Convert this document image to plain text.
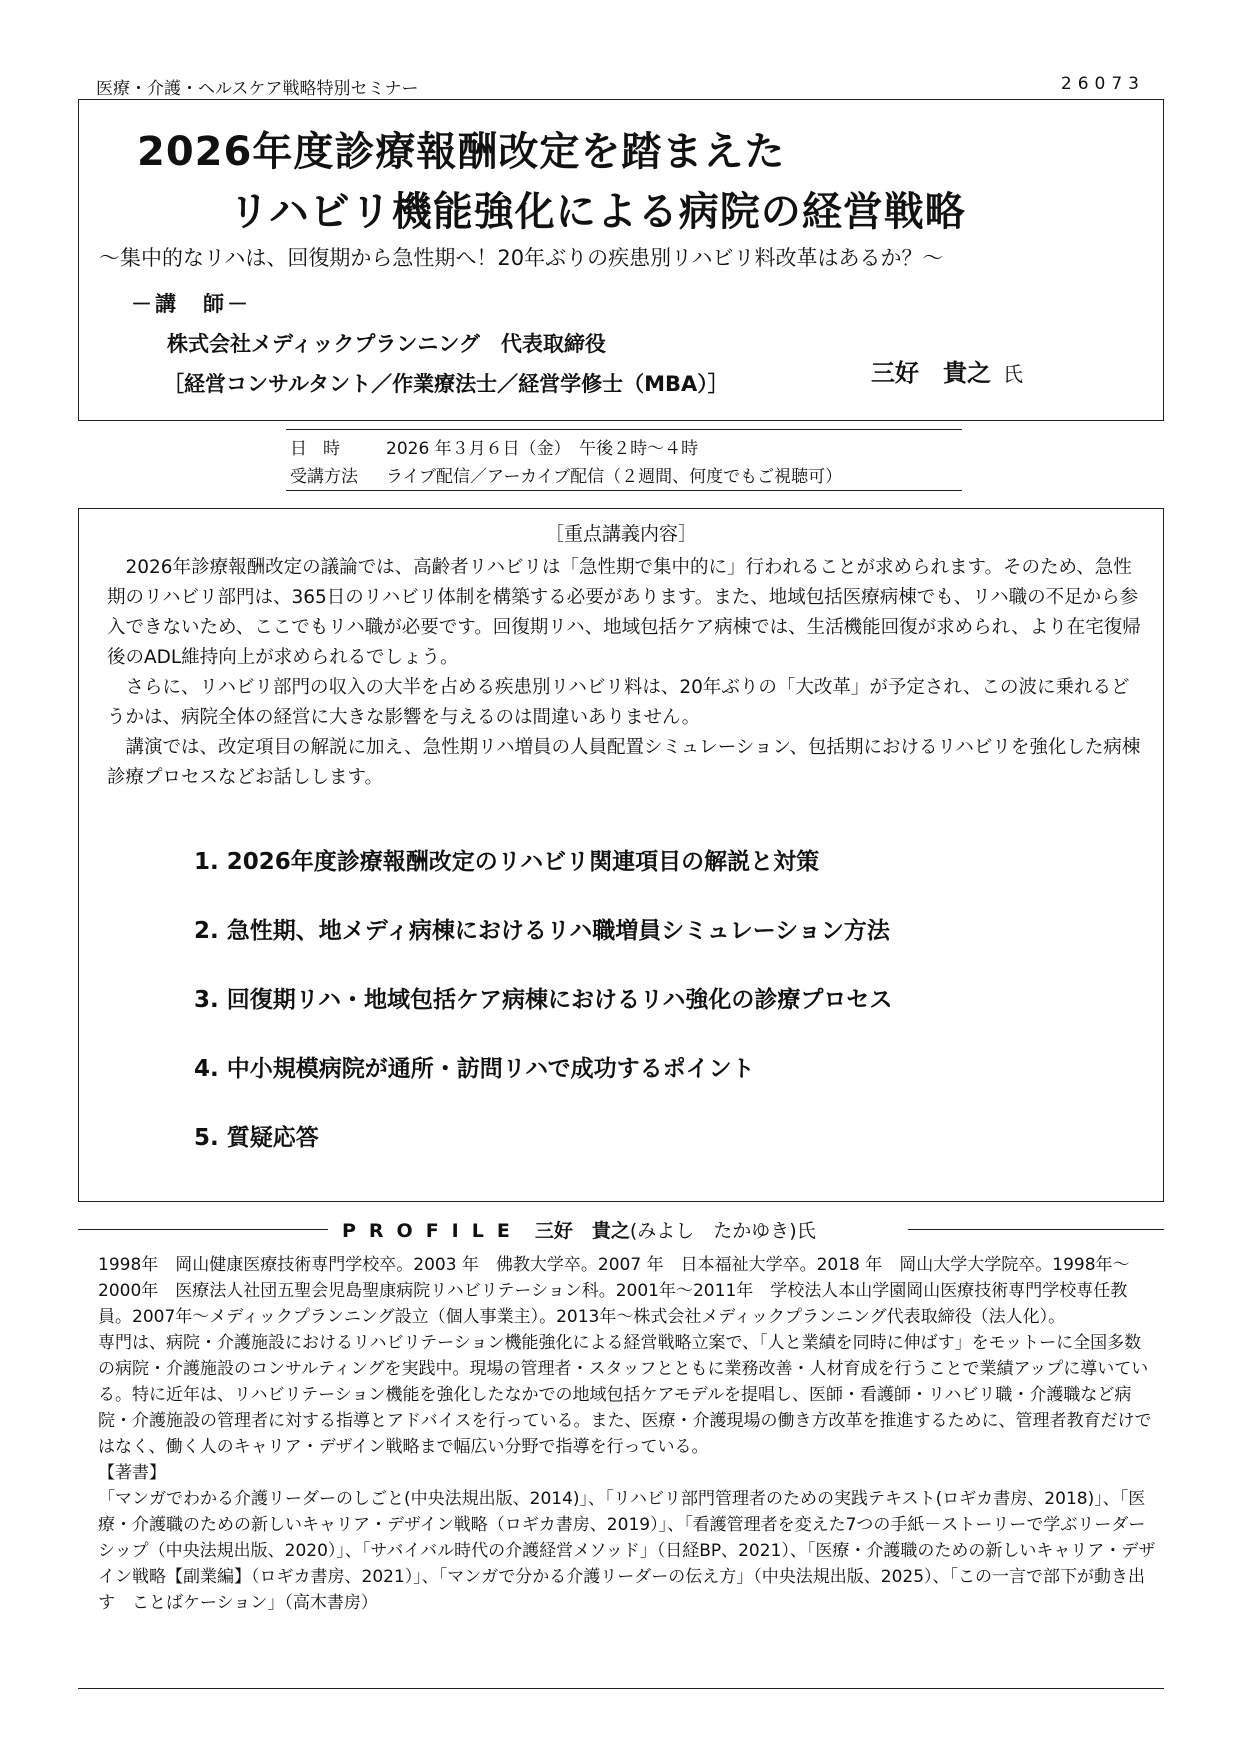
医療・介護・ヘルスケア戦略特別セミナー	26073
2026年度診療報酬改定を踏まえた
リハビリ機能強化による病院の経営戦略
～集中的なリハは、回復期から急性期へ！20年ぶりの疾患別リハビリ料改革はあるか？～
－講　師－
株式会社メディックプランニング　代表取締役
［経営コンサルタント／作業療法士／経営学修士（MBA）］	三好　貴之 氏
日時	2026 年３月６日（金）　午後２時～４時
受講方法	ライブ配信／アーカイブ配信（２週間、何度でもご視聴可）
［重点講義内容］
2026年診療報酬改定の議論では、高齢者リハビリは「急性期で集中的に」行われることが求められます。そのため、急性期のリハビリ部門は、365日のリハビリ体制を構築する必要があります。また、地域包括医療病棟でも、リハ職の不足から参入できないため、ここでもリハ職が必要です。回復期リハ、地域包括ケア病棟では、生活機能回復が求められ、より在宅復帰後のADL維持向上が求められるでしょう。
さらに、リハビリ部門の収入の大半を占める疾患別リハビリ料は、20年ぶりの「大改革」が予定され、この波に乗れるどうかは、病院全体の経営に大きな影響を与えるのは間違いありません。
講演では、改定項目の解説に加え、急性期リハ増員の人員配置シミュレーション、包括期におけるリハビリを強化した病棟診療プロセスなどお話しします。
1. 2026年度診療報酬改定のリハビリ関連項目の解説と対策
2. 急性期、地メディ病棟におけるリハ職増員シミュレーション方法
3. 回復期リハ・地域包括ケア病棟におけるリハ強化の診療プロセス
4. 中小規模病院が通所・訪問リハで成功するポイント
5. 質疑応答
PROFILE 三好　貴之(みよし　たかゆき)氏

1998年　岡山健康医療技術専門学校卒。2003 年　佛教大学卒。2007 年　日本福祉大学卒。2018 年　岡山大学大学院卒。1998年～2000年　医療法人社団五聖会児島聖康病院リハビリテーション科。2001年～2011年　学校法人本山学園岡山医療技術専門学校専任教員。2007年～メディックプランニング設立（個人事業主）。2013年～株式会社メディックプランニング代表取締役（法人化）。

専門は、病院・介護施設におけるリハビリテーション機能強化による経営戦略立案で、「人と業績を同時に伸ばす」をモットーに全国多数の病院・介護施設のコンサルティングを実践中。現場の管理者・スタッフとともに業務改善・人材育成を行うことで業績アップに導いている。特に近年は、リハビリテーション機能を強化したなかでの地域包括ケアモデルを提唱し、医師・看護師・リハビリ職・介護職など病院・介護施設の管理者に対する指導とアドバイスを行っている。また、医療・介護現場の働き方改革を推進するために、管理者教育だけではなく、働く人のキャリア・デザイン戦略まで幅広い分野で指導を行っている。

【著書】

「マンガでわかる介護リーダーのしごと(中央法規出版、2014)」、「リハビリ部門管理者のための実践テキスト(ロギカ書房、2018)」、「医療・介護職のための新しいキャリア・デザイン戦略（ロギカ書房、2019）」、「看護管理者を変えた7つの手紙－ストーリーで学ぶリーダーシップ（中央法規出版、2020）」、「サバイバル時代の介護経営メソッド」（日経BP、2021）、「医療・介護職のための新しいキャリア・デザイン戦略【副業編】（ロギカ書房、2021）」、「マンガで分かる介護リーダーの伝え方」（中央法規出版、2025）、「この一言で部下が動き出す　ことばケーション」（高木書房）
